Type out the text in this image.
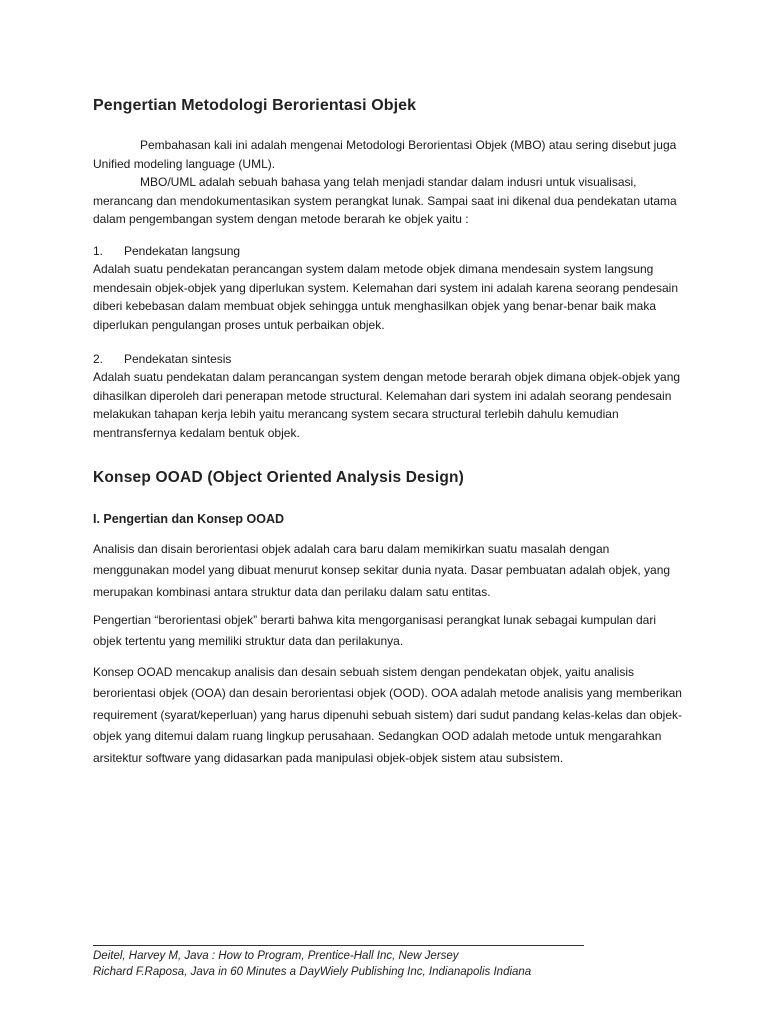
Pengertian Metodologi Berorientasi Objek
Pembahasan kali ini adalah mengenai Metodologi Berorientasi Objek (MBO) atau sering disebut juga Unified modeling language (UML).
MBO/UML adalah sebuah bahasa yang telah menjadi standar dalam indusri untuk visualisasi, merancang dan mendokumentasikan system perangkat lunak. Sampai saat ini dikenal dua pendekatan utama dalam pengembangan system dengan metode berarah ke objek yaitu :
1. Pendekatan langsung
Adalah suatu pendekatan perancangan system dalam metode objek dimana mendesain system langsung mendesain objek-objek yang diperlukan system. Kelemahan dari system ini adalah karena seorang pendesain diberi kebebasan dalam membuat objek sehingga untuk menghasilkan objek yang benar-benar baik maka diperlukan pengulangan proses untuk perbaikan objek.
2. Pendekatan sintesis
Adalah suatu pendekatan dalam perancangan system dengan metode berarah objek dimana objek-objek yang dihasilkan diperoleh dari penerapan metode structural. Kelemahan dari system ini adalah seorang pendesain melakukan tahapan kerja lebih yaitu merancang system secara structural terlebih dahulu kemudian mentransfernya kedalam bentuk objek.
Konsep OOAD (Object Oriented Analysis Design)
I. Pengertian dan Konsep OOAD
Analisis dan disain berorientasi objek adalah cara baru dalam memikirkan suatu masalah dengan menggunakan model yang dibuat menurut konsep sekitar dunia nyata. Dasar pembuatan adalah objek, yang merupakan kombinasi antara struktur data dan perilaku dalam satu entitas.
Pengertian “berorientasi objek” berarti bahwa kita mengorganisasi perangkat lunak sebagai kumpulan dari objek tertentu yang memiliki struktur data dan perilakunya.
Konsep OOAD mencakup analisis dan desain sebuah sistem dengan pendekatan objek, yaitu analisis berorientasi objek (OOA) dan desain berorientasi objek (OOD). OOA adalah metode analisis yang memberikan requirement (syarat/keperluan) yang harus dipenuhi sebuah sistem) dari sudut pandang kelas-kelas dan objek-objek yang ditemui dalam ruang lingkup perusahaan. Sedangkan OOD adalah metode untuk mengarahkan arsitektur software yang didasarkan pada manipulasi objek-objek sistem atau subsistem.
Deitel, Harvey M, Java : How to Program, Prentice-Hall Inc, New Jersey
Richard F.Raposa, Java in 60 Minutes a DayWiely Publishing Inc, Indianapolis Indiana
